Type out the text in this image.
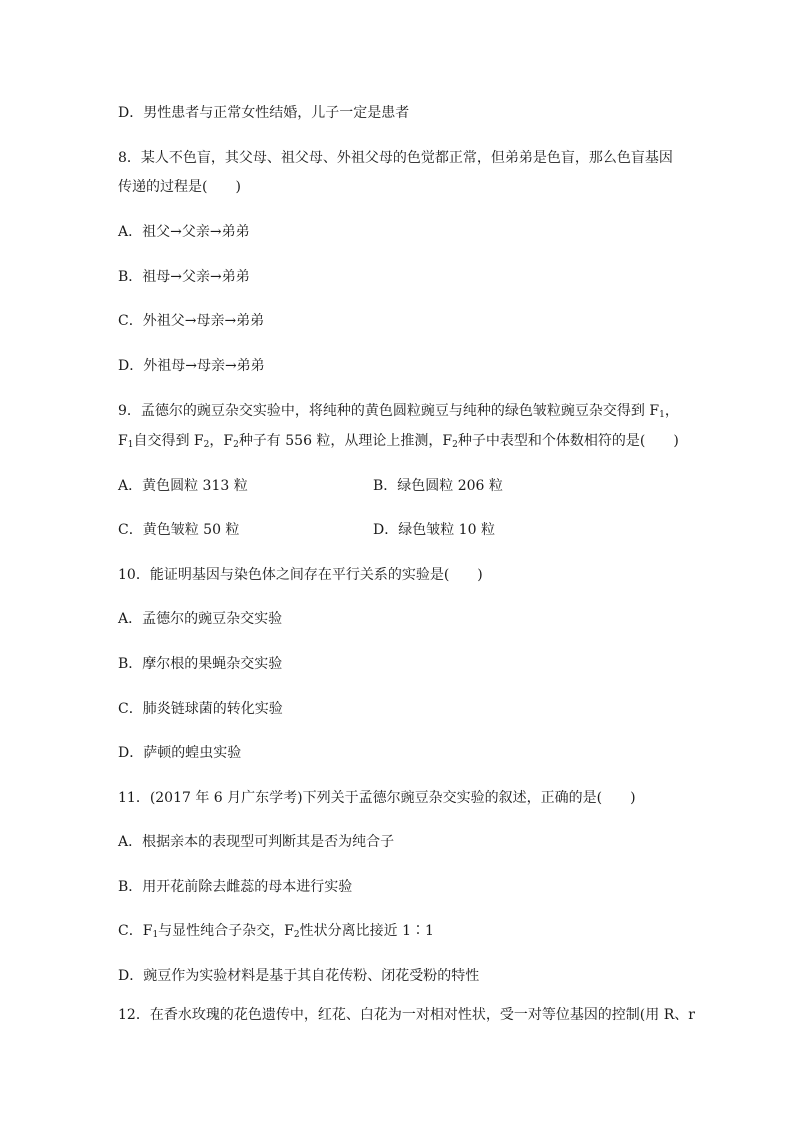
D．男性患者与正常女性结婚，儿子一定是患者
8．某人不色盲，其父母、祖父母、外祖父母的色觉都正常，但弟弟是色盲，那么色盲基因
传递的过程是(　　)
A．祖父→父亲→弟弟
B．祖母→父亲→弟弟
C．外祖父→母亲→弟弟
D．外祖母→母亲→弟弟
9．孟德尔的豌豆杂交实验中，将纯种的黄色圆粒豌豆与纯种的绿色皱粒豌豆杂交得到 $F_1$，
$F_1$自交得到 $F_2$，$F_2$种子有 556 粒，从理论上推测，$F_2$种子中表型和个体数相符的是(　　)
A．黄色圆粒 313 粒	B．绿色圆粒 206 粒
C．黄色皱粒 50 粒	D．绿色皱粒 10 粒
10．能证明基因与染色体之间存在平行关系的实验是(　　)
A．孟德尔的豌豆杂交实验
B．摩尔根的果蝇杂交实验
C．肺炎链球菌的转化实验
D．萨顿的蝗虫实验
11．(2017 年 6 月广东学考)下列关于孟德尔豌豆杂交实验的叙述，正确的是(　　)
A．根据亲本的表现型可判断其是否为纯合子
B．用开花前除去雌蕊的母本进行实验
C．$F_1$与显性纯合子杂交，$F_2$性状分离比接近 1∶1
D．豌豆作为实验材料是基于其自花传粉、闭花受粉的特性
12．在香水玫瑰的花色遗传中，红花、白花为一对相对性状，受一对等位基因的控制(用 R、r
